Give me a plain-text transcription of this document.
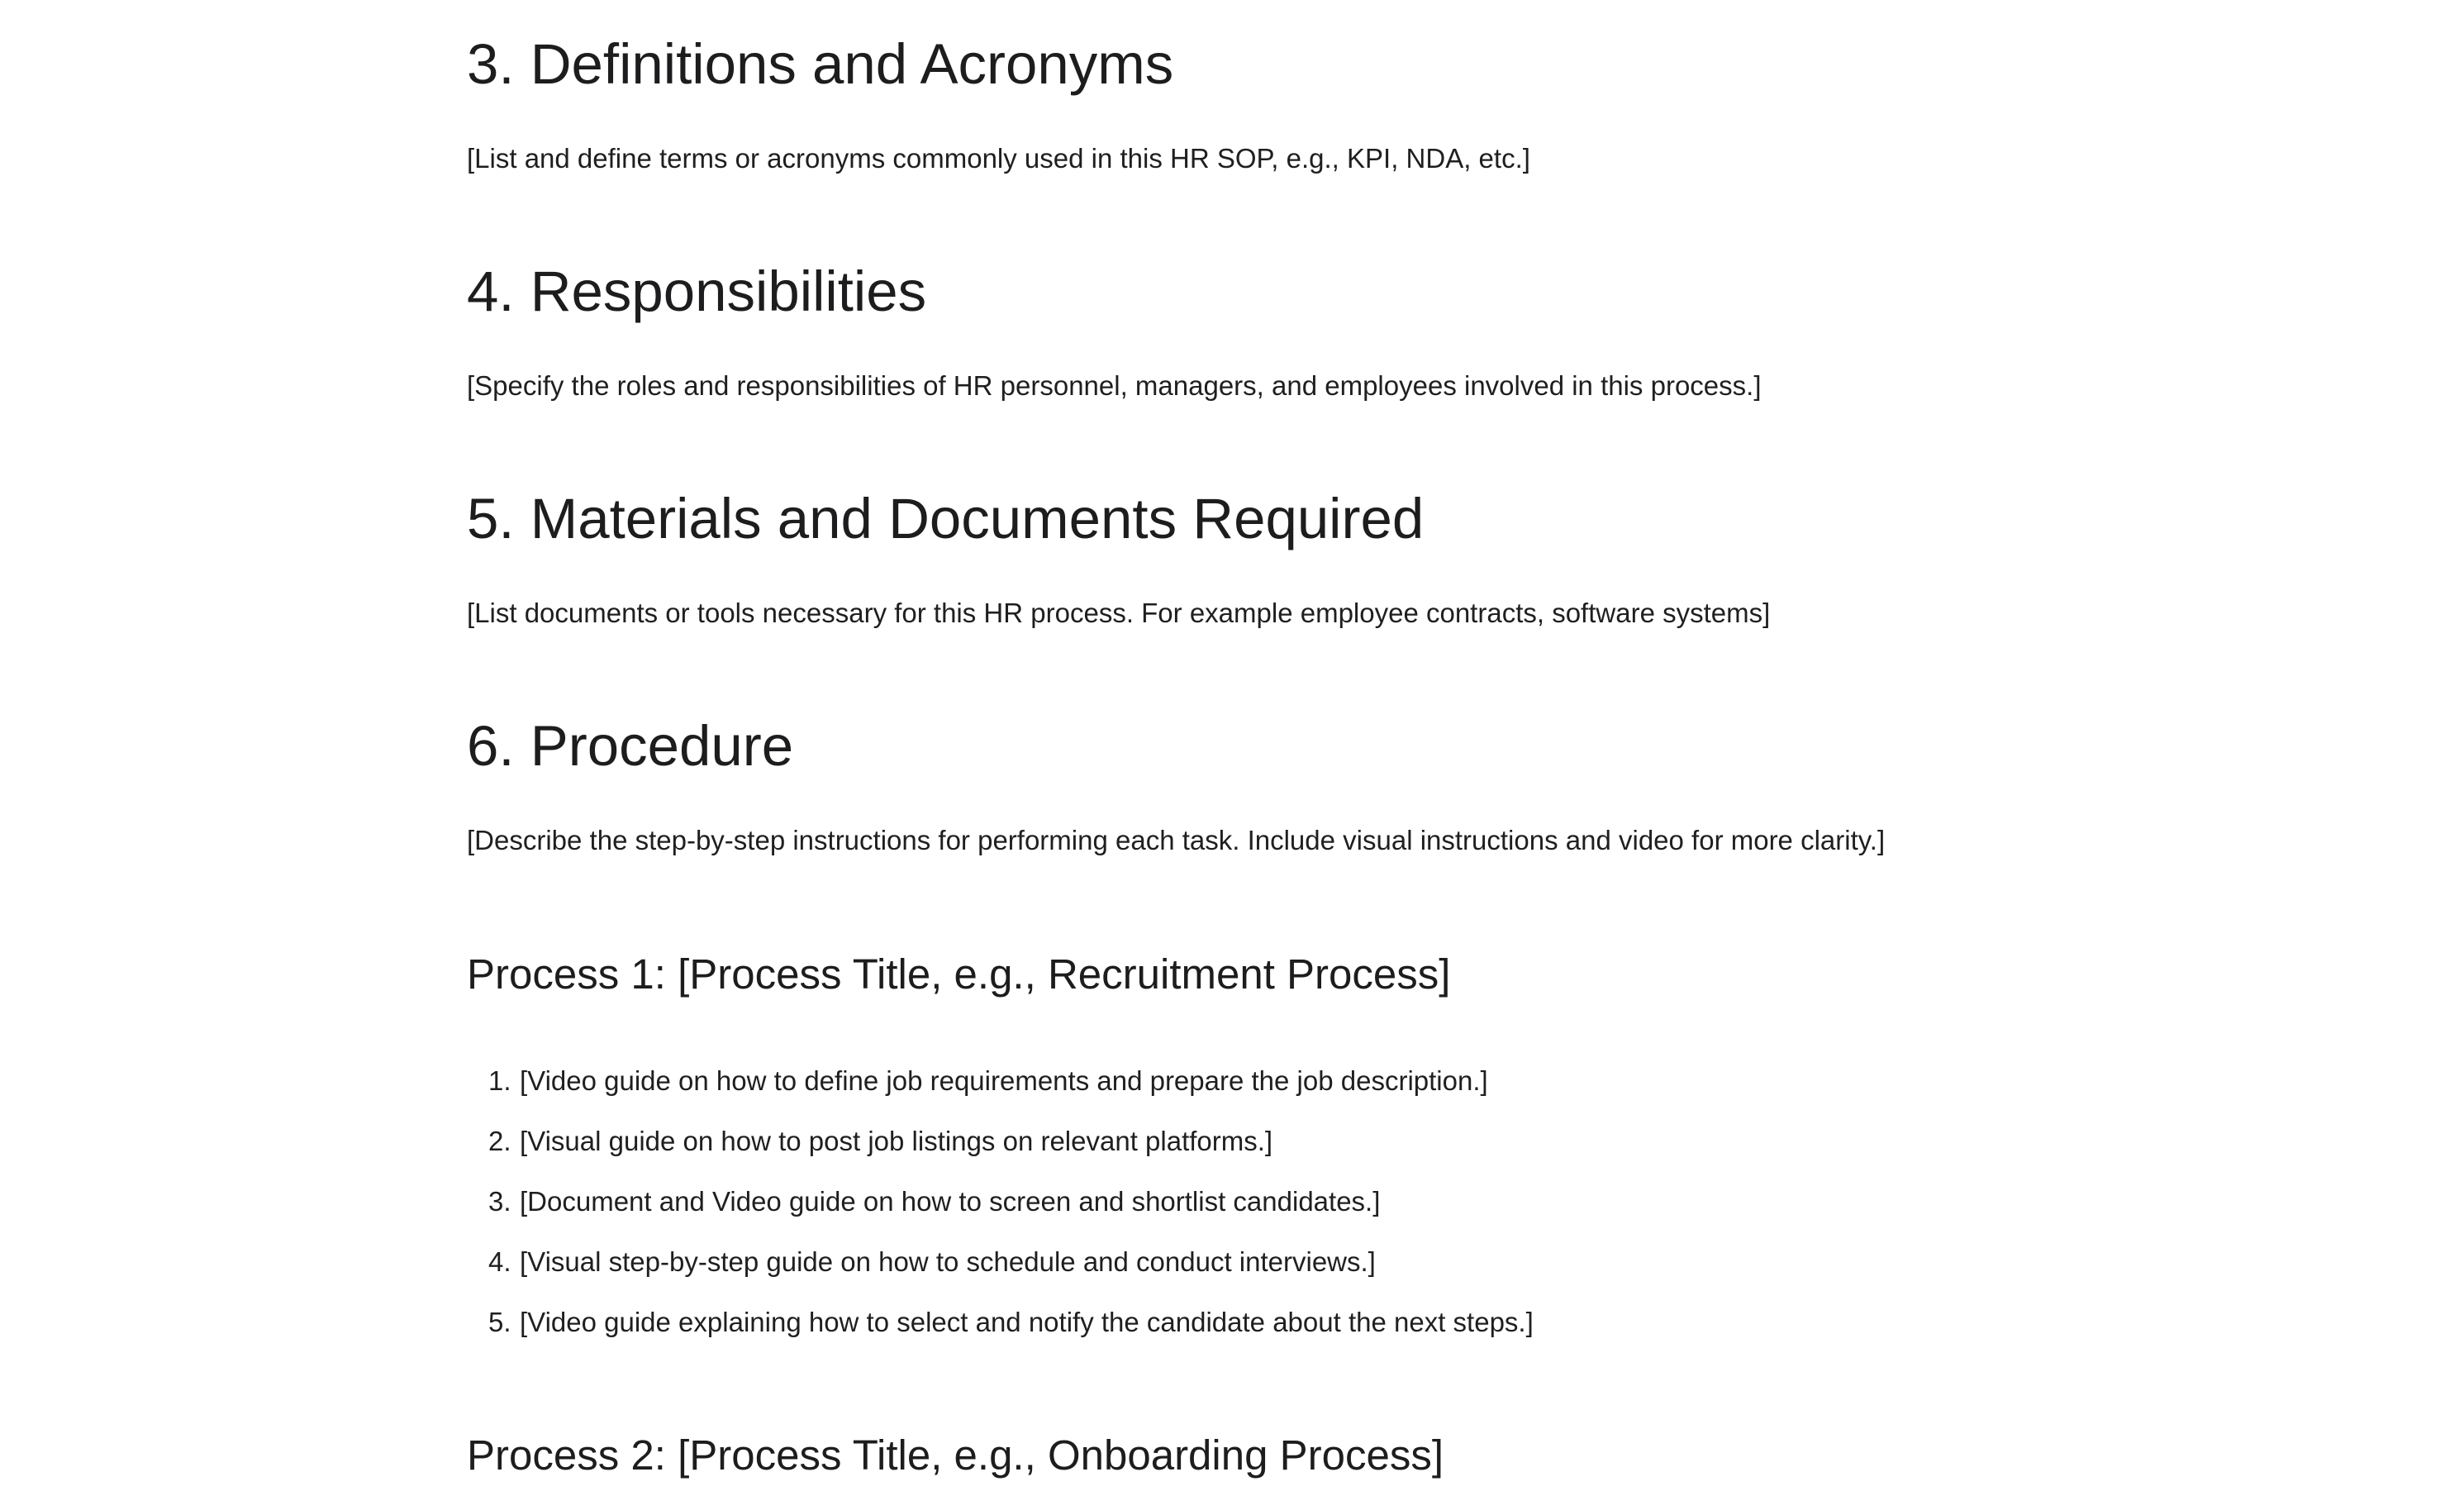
3. Definitions and Acronyms

[List and define terms or acronyms commonly used in this HR SOP, e.g., KPI, NDA, etc.]

4. Responsibilities

[Specify the roles and responsibilities of HR personnel, managers, and employees involved in this process.]

5. Materials and Documents Required

[List documents or tools necessary for this HR process. For example employee contracts, software systems]

6. Procedure

[Describe the step-by-step instructions for performing each task. Include visual instructions and video for more clarity.]

Process 1: [Process Title, e.g., Recruitment Process]
1. [Video guide on how to define job requirements and prepare the job description.]
2. [Visual guide on how to post job listings on relevant platforms.]
3. [Document and Video guide on how to screen and shortlist candidates.]
4. [Visual step-by-step guide on how to schedule and conduct interviews.]
5. [Video guide explaining how to select and notify the candidate about the next steps.]
Process 2: [Process Title, e.g., Onboarding Process]
